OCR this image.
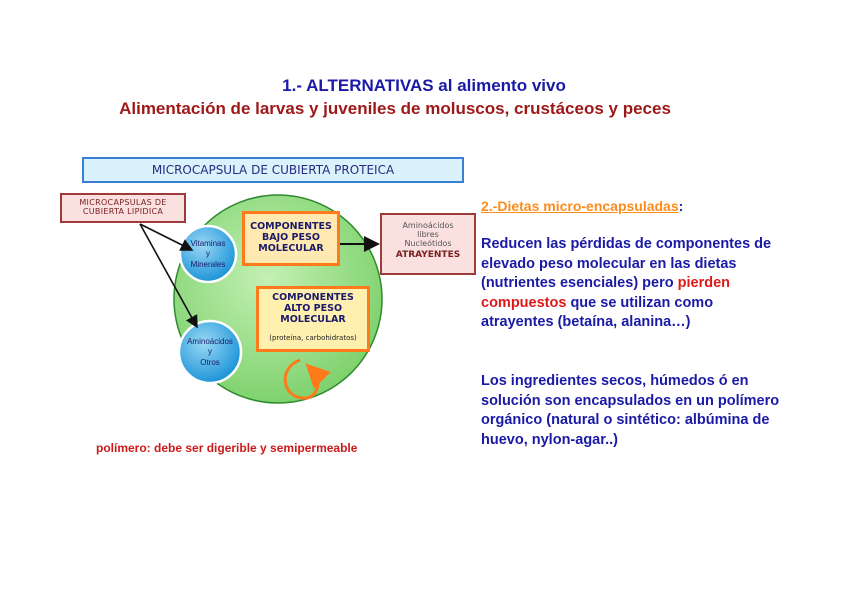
1.- ALTERNATIVAS al alimento vivo
Alimentación de larvas y juveniles de moluscos, crustáceos y peces
MICROCAPSULA DE CUBIERTA PROTEICA
MICROCAPSULAS DE
CUBIERTA LIPIDICA
Vitaminas
y
Minerales
Aminoácidos
y
Otros
COMPONENTES
BAJO PESO
MOLECULAR
COMPONENTES
ALTO PESO
MOLECULAR
(proteína, carbohidratos)
Aminoácidos
libres
Nucleótidos
ATRAYENTES
polímero: debe ser digerible y semipermeable
2.-Dietas micro-encapsuladas:
Reducen las pérdidas de componentes de elevado peso molecular en las dietas (nutrientes esenciales) pero pierden compuestos que se utilizan como atrayentes (betaína, alanina…)
Los ingredientes secos, húmedos ó en solución son encapsulados en un polímero orgánico (natural o sintético: albúmina de huevo, nylon-agar..)
